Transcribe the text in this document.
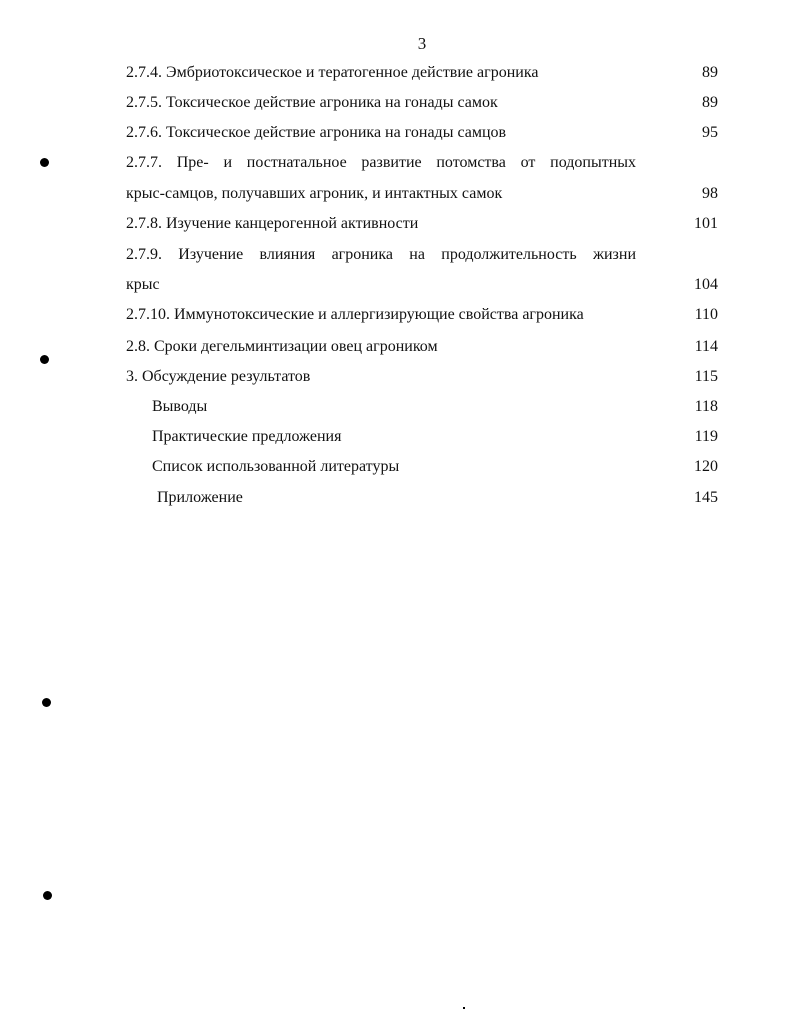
3
2.7.4. Эмбриотоксическое и тератогенное действие агроника	89
2.7.5. Токсическое действие агроника на гонады самок	89
2.7.6. Токсическое действие агроника на гонады самцов	95
2.7.7. Пре- и постнатальное развитие потомства от подопытных
крыс-самцов, получавших агроник, и интактных самок	98
2.7.8. Изучение канцерогенной активности	101
2.7.9. Изучение влияния агроника на продолжительность жизни
крыс	104
2.7.10. Иммунотоксические и аллергизирующие свойства агроника	110
2.8. Сроки дегельминтизации овец агроником	114
3. Обсуждение результатов	115
Выводы	118
Практические предложения	119
Список использованной литературы	120
Приложение	145
